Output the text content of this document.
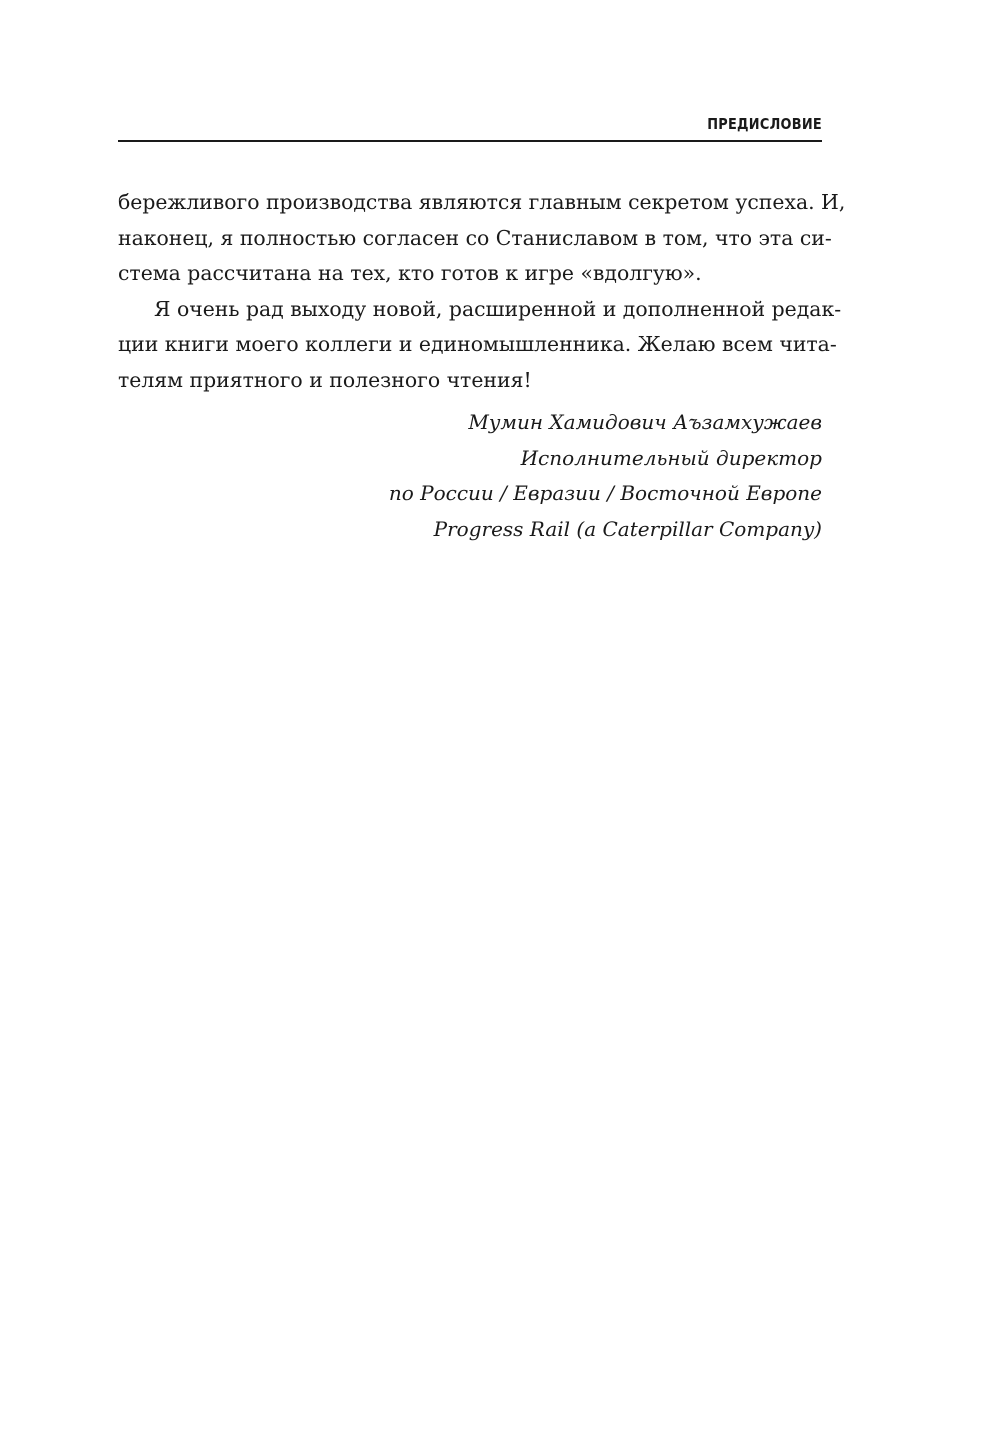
ПРЕДИСЛОВИЕ
бережливого производства являются главным секретом успеха. И,
наконец, я полностью согласен со Станиславом в том, что эта си-
стема рассчитана на тех, кто готов к игре «вдолгую».
Я очень рад выходу новой, расширенной и дополненной редак-
ции книги моего коллеги и единомышленника. Желаю всем чита-
телям приятного и полезного чтения!
Мумин Хамидович Аъзамхужаев
Исполнительный директор
по России / Евразии / Восточной Европе
Progress Rail (a Caterpillar Company)
